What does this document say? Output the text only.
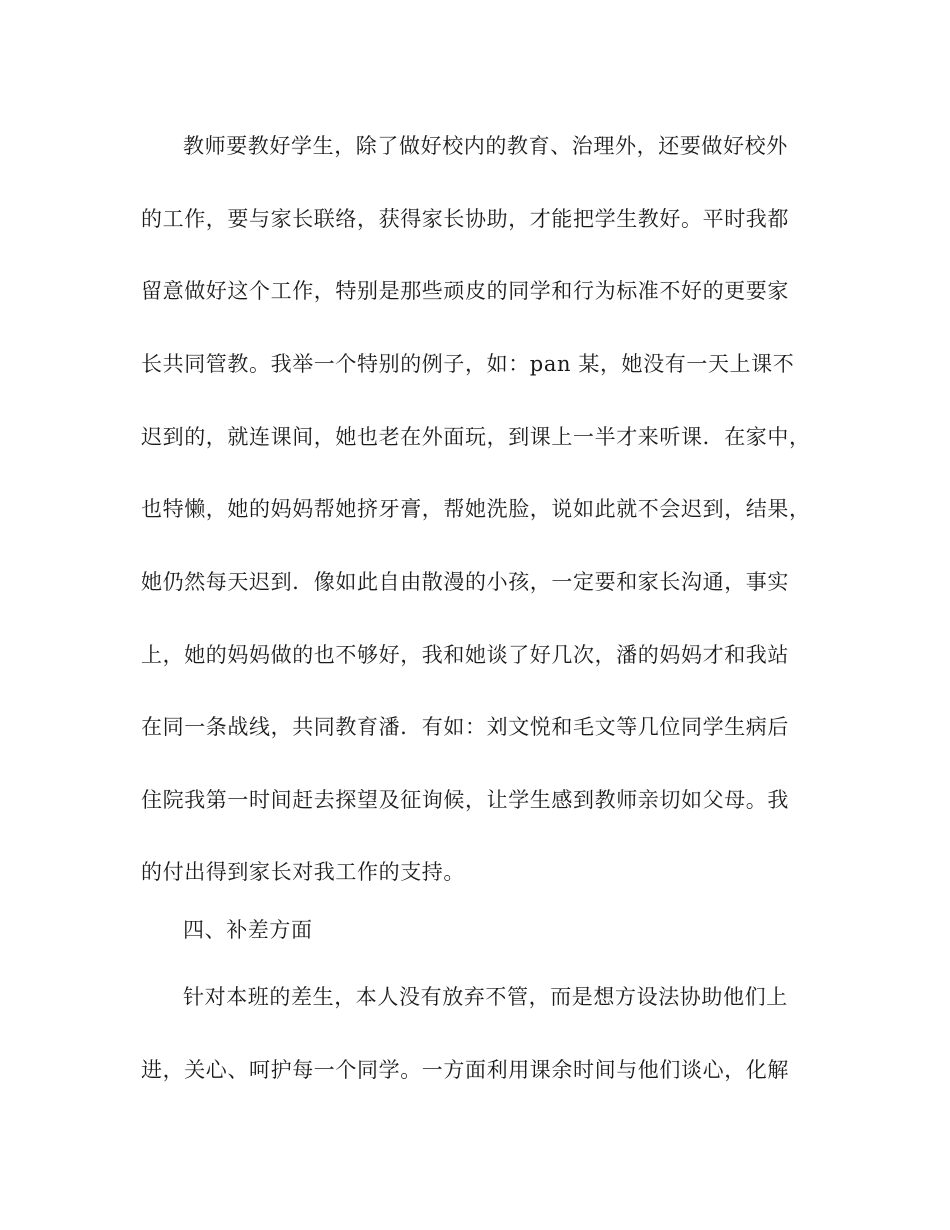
教师要教好学生，除了做好校内的教育、治理外，还要做好校外
的工作，要与家长联络，获得家长协助，才能把学生教好。平时我都
留意做好这个工作，特别是那些顽皮的同学和行为标准不好的更要家
长共同管教。我举一个特别的例子，如：pan 某，她没有一天上课不
迟到的，就连课间，她也老在外面玩，到课上一半才来听课．在家中，
也特懒，她的妈妈帮她挤牙膏，帮她洗脸，说如此就不会迟到，结果，
她仍然每天迟到．像如此自由散漫的小孩，一定要和家长沟通，事实
上，她的妈妈做的也不够好，我和她谈了好几次，潘的妈妈才和我站
在同一条战线，共同教育潘．有如：刘文悦和毛文等几位同学生病后
住院我第一时间赶去探望及征询候，让学生感到教师亲切如父母。我
的付出得到家长对我工作的支持。
四、补差方面
针对本班的差生，本人没有放弃不管，而是想方设法协助他们上
进，关心、呵护每一个同学。一方面利用课余时间与他们谈心，化解
